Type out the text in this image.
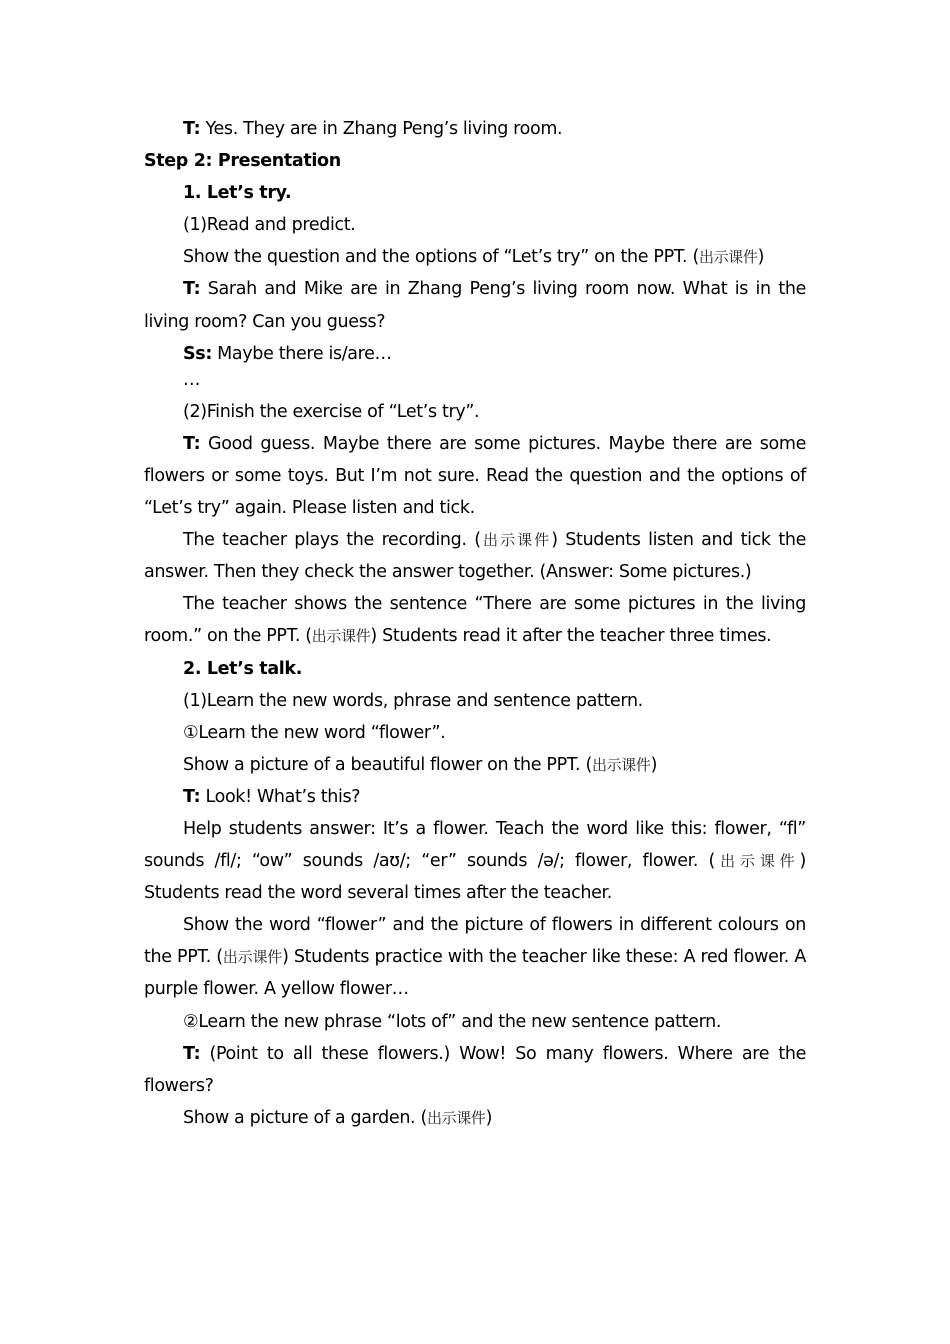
T: Yes. They are in Zhang Peng’s living room.
Step 2: Presentation
1. Let’s try.
(1)Read and predict.
Show the question and the options of “Let’s try” on the PPT. (出示课件)
T: Sarah and Mike are in Zhang Peng’s living room now. What is in the living room? Can you guess?
Ss: Maybe there is/are…
…
(2)Finish the exercise of “Let’s try”.
T: Good guess. Maybe there are some pictures. Maybe there are some flowers or some toys. But I’m not sure. Read the question and the options of “Let’s try” again. Please listen and tick.
The teacher plays the recording. (出示课件) Students listen and tick the answer. Then they check the answer together. (Answer: Some pictures.)
The teacher shows the sentence “There are some pictures in the living room.” on the PPT. (出示课件) Students read it after the teacher three times.
2. Let’s talk.
(1)Learn the new words, phrase and sentence pattern.
①Learn the new word “flower”.
Show a picture of a beautiful flower on the PPT. (出示课件)
T: Look! What’s this?
Help students answer: It’s a flower. Teach the word like this: flower, “fl” sounds /fl/; “ow” sounds /aʊ/; “er” sounds /ə/; flower, flower. (出示课件) Students read the word several times after the teacher.
Show the word “flower” and the picture of flowers in different colours on the PPT. (出示课件) Students practice with the teacher like these: A red flower. A purple flower. A yellow flower…
②Learn the new phrase “lots of” and the new sentence pattern.
T: (Point to all these flowers.) Wow! So many flowers. Where are the flowers?
Show a picture of a garden. (出示课件)
